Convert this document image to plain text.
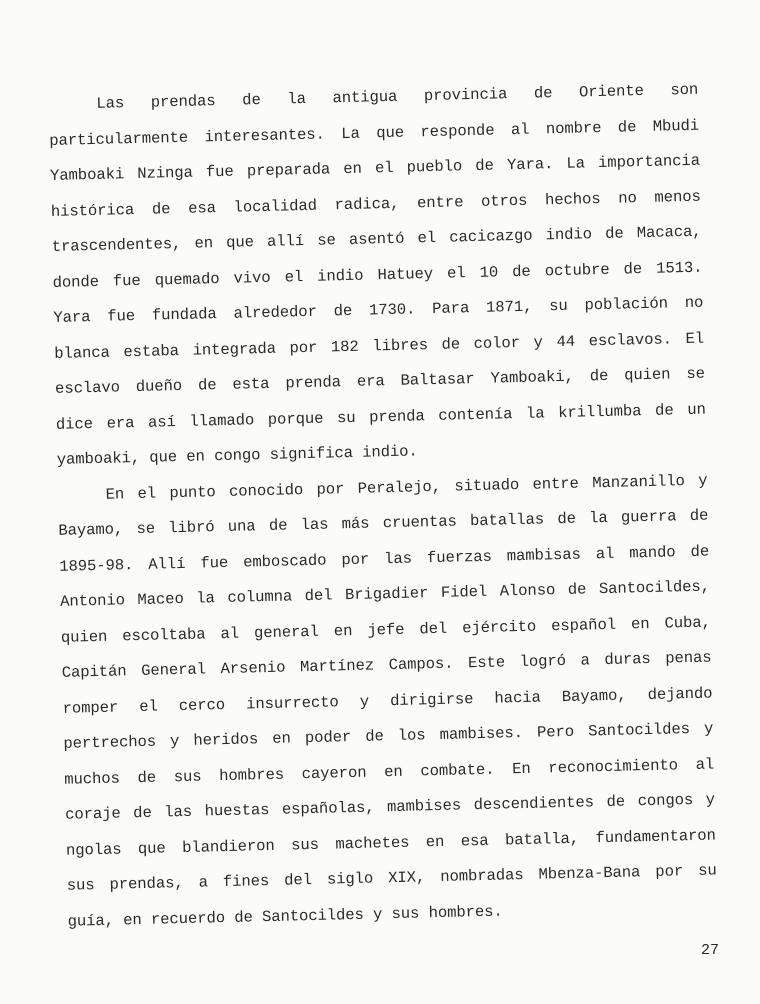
Las prendas de la antigua provincia de Oriente son
particularmente interesantes. La que responde al nombre de Mbudi
Yamboaki Nzinga fue preparada en el pueblo de Yara. La importancia
histórica de esa localidad radica, entre otros hechos no menos
trascendentes, en que allí se asentó el cacicazgo indio de Macaca,
donde fue quemado vivo el indio Hatuey el 10 de octubre de 1513.
Yara fue fundada alrededor de 1730. Para 1871, su población no
blanca estaba integrada por 182 libres de color y 44 esclavos. El
esclavo dueño de esta prenda era Baltasar Yamboaki, de quien se
dice era así llamado porque su prenda contenía la krillumba de un
yamboaki, que en congo significa indio.
En el punto conocido por Peralejo, situado entre Manzanillo y
Bayamo, se libró una de las más cruentas batallas de la guerra de
1895-98. Allí fue emboscado por las fuerzas mambisas al mando de
Antonio Maceo la columna del Brigadier Fidel Alonso de Santocildes,
quien escoltaba al general en jefe del ejército español en Cuba,
Capitán General Arsenio Martínez Campos. Este logró a duras penas
romper el cerco insurrecto y dirigirse hacia Bayamo, dejando
pertrechos y heridos en poder de los mambises. Pero Santocildes y
muchos de sus hombres cayeron en combate. En reconocimiento al
coraje de las huestas españolas, mambises descendientes de congos y
ngolas que blandieron sus machetes en esa batalla, fundamentaron
sus prendas, a fines del siglo XIX, nombradas Mbenza-Bana por su
guía, en recuerdo de Santocildes y sus hombres.
27
